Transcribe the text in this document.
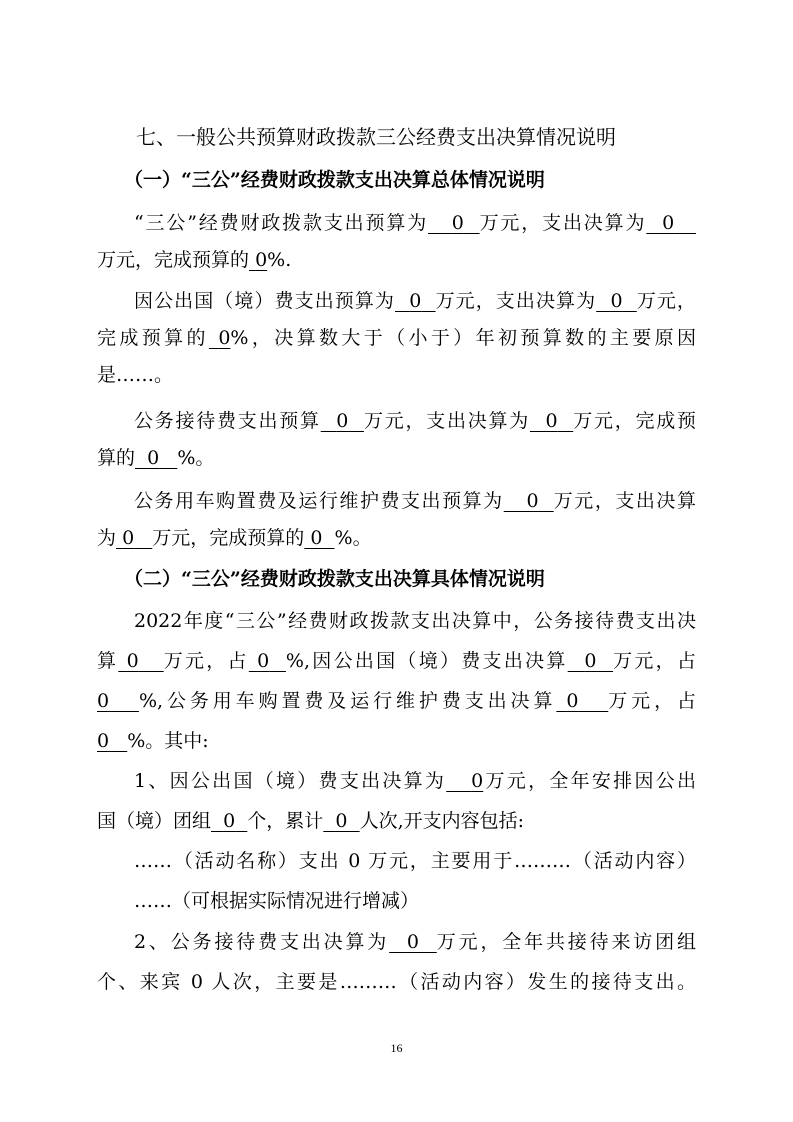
七、一般公共预算财政拨款三公经费支出决算情况说明
（一）“三公”经费财政拨款支出决算总体情况说明
“三公”经费财政拨款支出预算为 0 万元，支出决算为 0
万元，完成预算的 0%.
因公出国（境）费支出预算为 0 万元，支出决算为 0 万元，
完成预算的 0%，决算数大于（小于）年初预算数的主要原因
是……。
公务接待费支出预算 0 万元，支出决算为 0 万元，完成预
算的 0 %。
公务用车购置费及运行维护费支出预算为 0 万元，支出决算
为 0 万元，完成预算的 0 %。
（二）“三公”经费财政拨款支出决算具体情况说明
2022年度“三公”经费财政拨款支出决算中，公务接待费支出决
算 0 万元，占 0 %,因公出国（境）费支出决算 0 万元，占
0 %,公务用车购置费及运行维护费支出决算 0 万元，占
0 %。其中:
1、因公出国（境）费支出决算为 0万元，全年安排因公出
国（境）团组 0 个，累计 0 人次,开支内容包括:
……（活动名称）支出 0 万元，主要用于………（活动内容）
……（可根据实际情况进行增减）
2、公务接待费支出决算为 0 万元，全年共接待来访团组
个、来宾 0 人次，主要是………（活动内容）发生的接待支出。
16
